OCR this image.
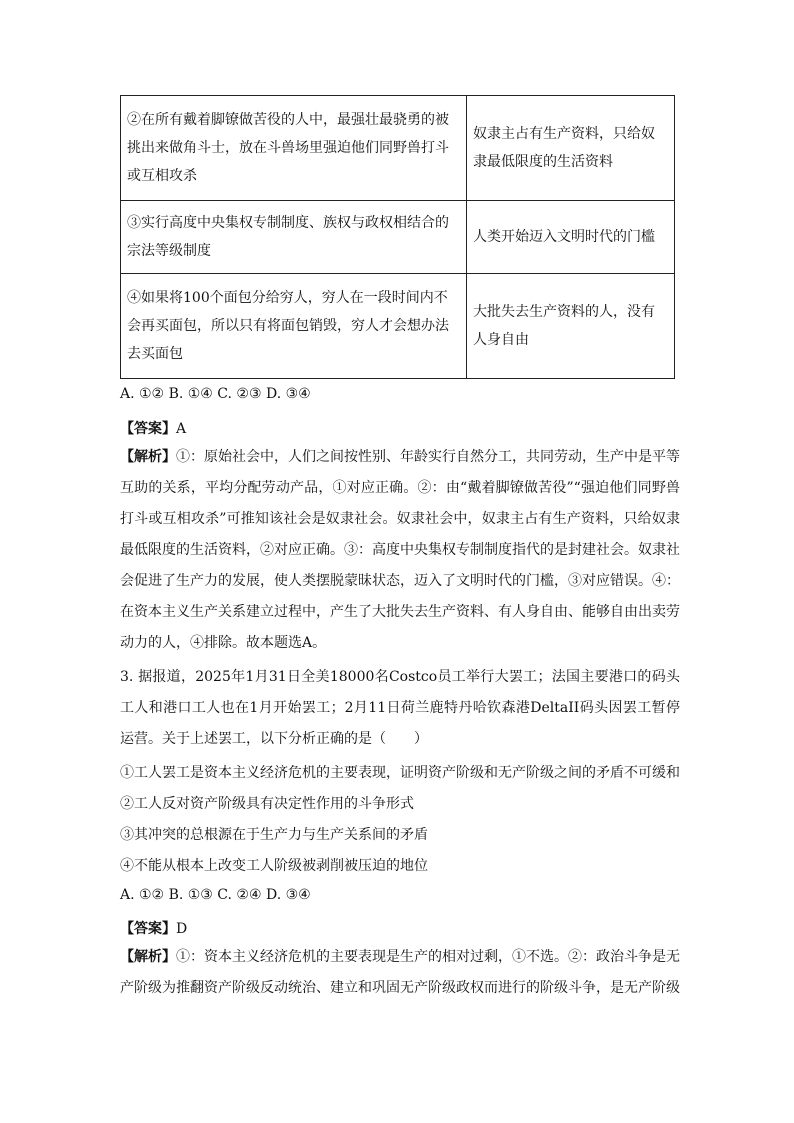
②在所有戴着脚镣做苦役的人中，最强壮最骁勇的被挑出来做角斗士，放在斗兽场里强迫他们同野兽打斗或互相攻杀	奴隶主占有生产资料，只给奴隶最低限度的生活资料
③实行高度中央集权专制制度、族权与政权相结合的宗法等级制度	人类开始迈入文明时代的门槛
④如果将100个面包分给穷人，穷人在一段时间内不会再买面包，所以只有将面包销毁，穷人才会想办法去买面包	大批失去生产资料的人，没有人身自由
A. ①② B. ①④ C. ②③ D. ③④
【答案】A
【解析】①：原始社会中，人们之间按性别、年龄实行自然分工，共同劳动，生产中是平等互助的关系，平均分配劳动产品，①对应正确。②：由“戴着脚镣做苦役”“强迫他们同野兽打斗或互相攻杀”可推知该社会是奴隶社会。奴隶社会中，奴隶主占有生产资料，只给奴隶最低限度的生活资料，②对应正确。③：高度中央集权专制制度指代的是封建社会。奴隶社会促进了生产力的发展，使人类摆脱蒙昧状态，迈入了文明时代的门槛，③对应错误。④：在资本主义生产关系建立过程中，产生了大批失去生产资料、有人身自由、能够自由出卖劳动力的人，④排除。故本题选A。
3. 据报道，2025年1月31日全美18000名Costco员工举行大罢工；法国主要港口的码头工人和港口工人也在1月开始罢工；2月11日荷兰鹿特丹哈钦森港DeltaII码头因罢工暂停运营。关于上述罢工，以下分析正确的是（　　）
①工人罢工是资本主义经济危机的主要表现，证明资产阶级和无产阶级之间的矛盾不可缓和
②工人反对资产阶级具有决定性作用的斗争形式
③其冲突的总根源在于生产力与生产关系间的矛盾
④不能从根本上改变工人阶级被剥削被压迫的地位
A. ①② B. ①③ C. ②④ D. ③④
【答案】D
【解析】①：资本主义经济危机的主要表现是生产的相对过剩，①不选。②：政治斗争是无产阶级为推翻资产阶级反动统治、建立和巩固无产阶级政权而进行的阶级斗争，是无产阶级
